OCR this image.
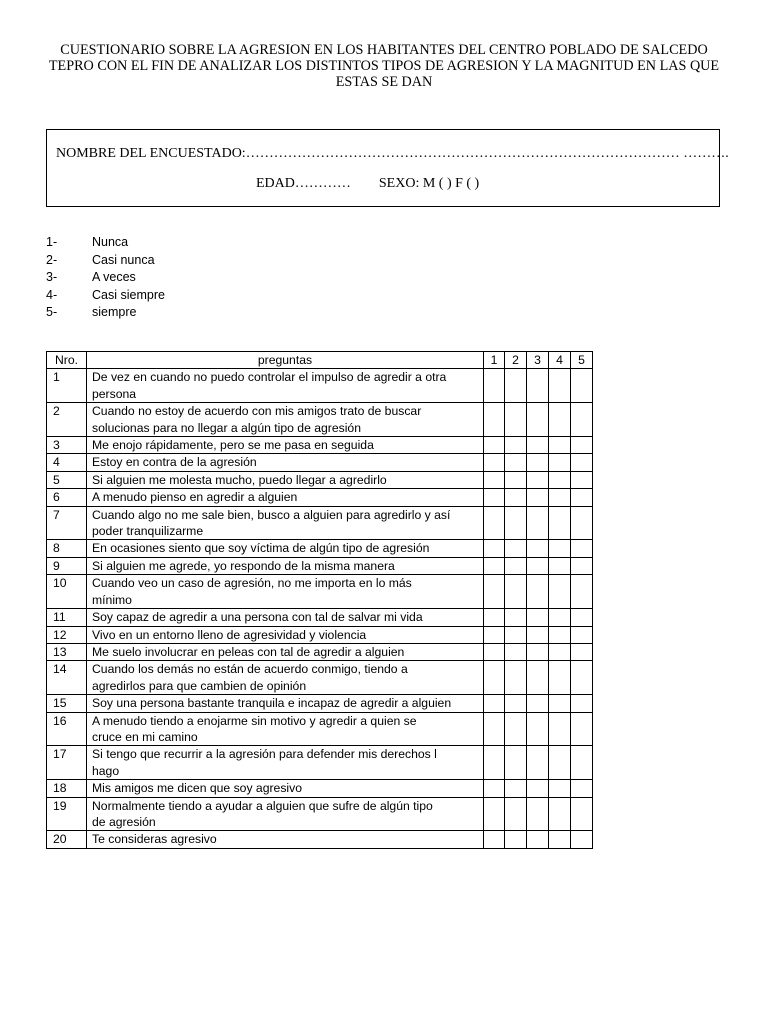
CUESTIONARIO SOBRE LA AGRESION EN LOS HABITANTES DEL CENTRO POBLADO DE SALCEDO
TEPRO CON EL FIN DE ANALIZAR LOS DISTINTOS TIPOS DE AGRESION Y LA MAGNITUD EN LAS QUE
ESTAS SE DAN
NOMBRE DEL ENCUESTADO:………………………………………………………………………………… ……….
EDAD………… SEXO: M ( ) F ( )
1-	Nunca
2-	Casi nunca
3-	A veces
4-	Casi siempre
5-	siempre
Nro.	preguntas	1	2	3	4	5
1	De vez en cuando no puedo controlar el impulso de agredir a otra
persona					

2	Cuando no estoy de acuerdo con mis amigos trato de buscar
solucionas para no llegar a algún tipo de agresión					

3	Me enojo rápidamente, pero se me pasa en seguida					

4	Estoy en contra de la agresión					

5	Si alguien me molesta mucho, puedo llegar a agredirlo					

6	A menudo pienso en agredir a alguien					

7	Cuando algo no me sale bien, busco a alguien para agredirlo y así
poder tranquilizarme					

8	En ocasiones siento que soy víctima de algún tipo de agresión					

9	Si alguien me agrede, yo respondo de la misma manera					

10	Cuando veo un caso de agresión, no me importa en lo más
mínimo					

11	Soy capaz de agredir a una persona con tal de salvar mi vida					

12	Vivo en un entorno lleno de agresividad y violencia					

13	Me suelo involucrar en peleas con tal de agredir a alguien					

14	Cuando los demás no están de acuerdo conmigo, tiendo a
agredirlos para que cambien de opinión					

15	Soy una persona bastante tranquila e incapaz de agredir a alguien					

16	A menudo tiendo a enojarme sin motivo y agredir a quien se
cruce en mi camino					

17	Si tengo que recurrir a la agresión para defender mis derechos l
hago					

18	Mis amigos me dicen que soy agresivo					

19	Normalmente tiendo a ayudar a alguien que sufre de algún tipo
de agresión					

20	Te consideras agresivo					
